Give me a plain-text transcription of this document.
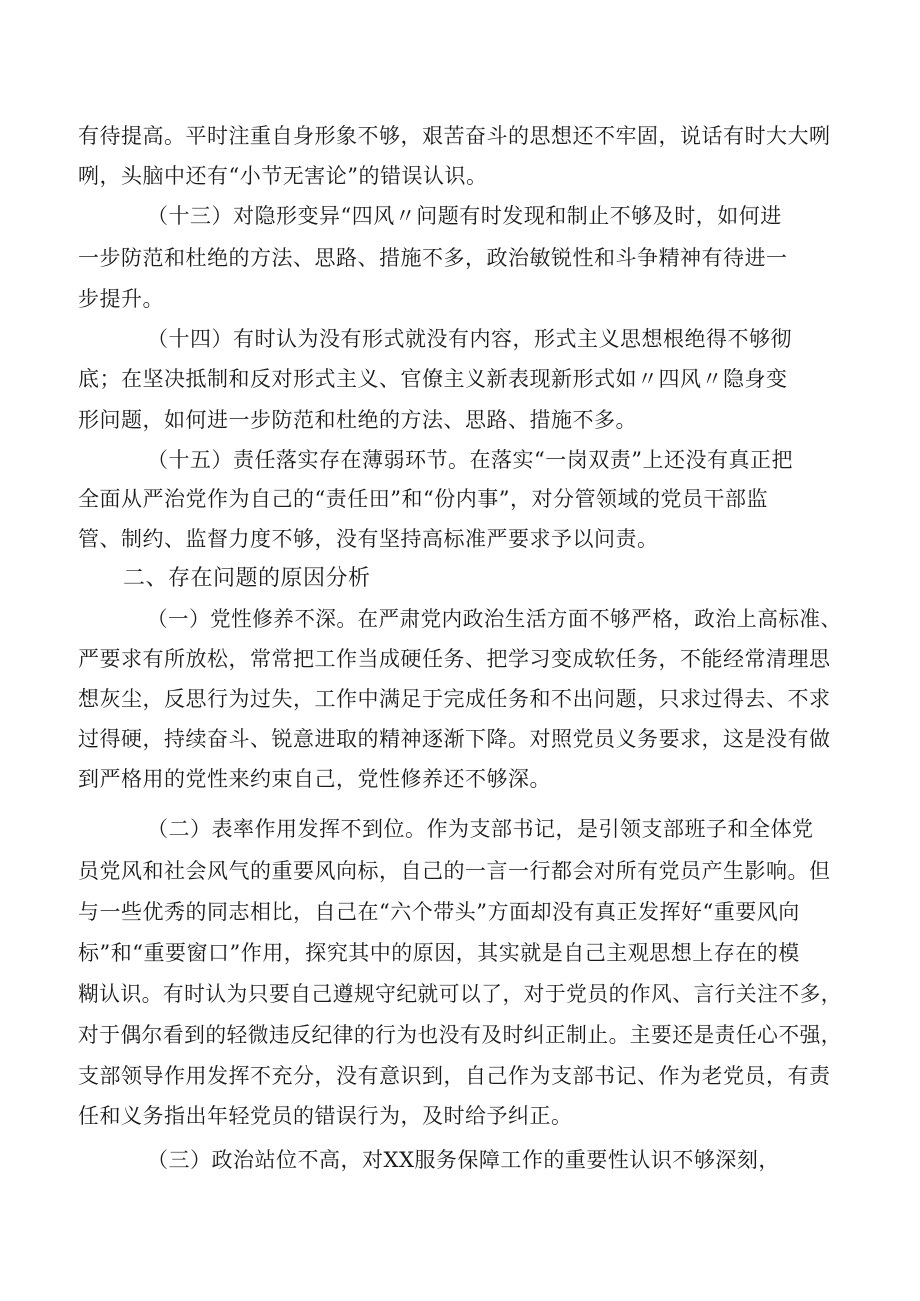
有待提高。平时注重自身形象不够，艰苦奋斗的思想还不牢固，说话有时大大咧
咧，头脑中还有“小节无害论”的错误认识。
（十三）对隐形变异“四风〃问题有时发现和制止不够及时，如何进
一步防范和杜绝的方法、思路、措施不多，政治敏锐性和斗争精神有待进一
步提升。
（十四）有时认为没有形式就没有内容，形式主义思想根绝得不够彻
底；在坚决抵制和反对形式主义、官僚主义新表现新形式如〃四风〃隐身变
形问题，如何进一步防范和杜绝的方法、思路、措施不多。
（十五）责任落实存在薄弱环节。在落实“一岗双责”上还没有真正把
全面从严治党作为自己的“责任田”和“份内事”，对分管领域的党员干部监
管、制约、监督力度不够，没有坚持高标准严要求予以问责。
二、存在问题的原因分析
（一）党性修养不深。在严肃党内政治生活方面不够严格，政治上高标准、
严要求有所放松，常常把工作当成硬任务、把学习变成软任务，不能经常清理思
想灰尘，反思行为过失，工作中满足于完成任务和不出问题，只求过得去、不求
过得硬，持续奋斗、锐意进取的精神逐渐下降。对照党员义务要求，这是没有做
到严格用的党性来约束自己，党性修养还不够深。
（二）表率作用发挥不到位。作为支部书记，是引领支部班子和全体党
员党风和社会风气的重要风向标，自己的一言一行都会对所有党员产生影响。但
与一些优秀的同志相比，自己在“六个带头”方面却没有真正发挥好“重要风向
标”和“重要窗口”作用，探究其中的原因，其实就是自己主观思想上存在的模
糊认识。有时认为只要自己遵规守纪就可以了，对于党员的作风、言行关注不多，
对于偶尔看到的轻微违反纪律的行为也没有及时纠正制止。主要还是责任心不强，
支部领导作用发挥不充分，没有意识到，自己作为支部书记、作为老党员，有责
任和义务指出年轻党员的错误行为，及时给予纠正。
（三）政治站位不高，对XX服务保障工作的重要性认识不够深刻，
